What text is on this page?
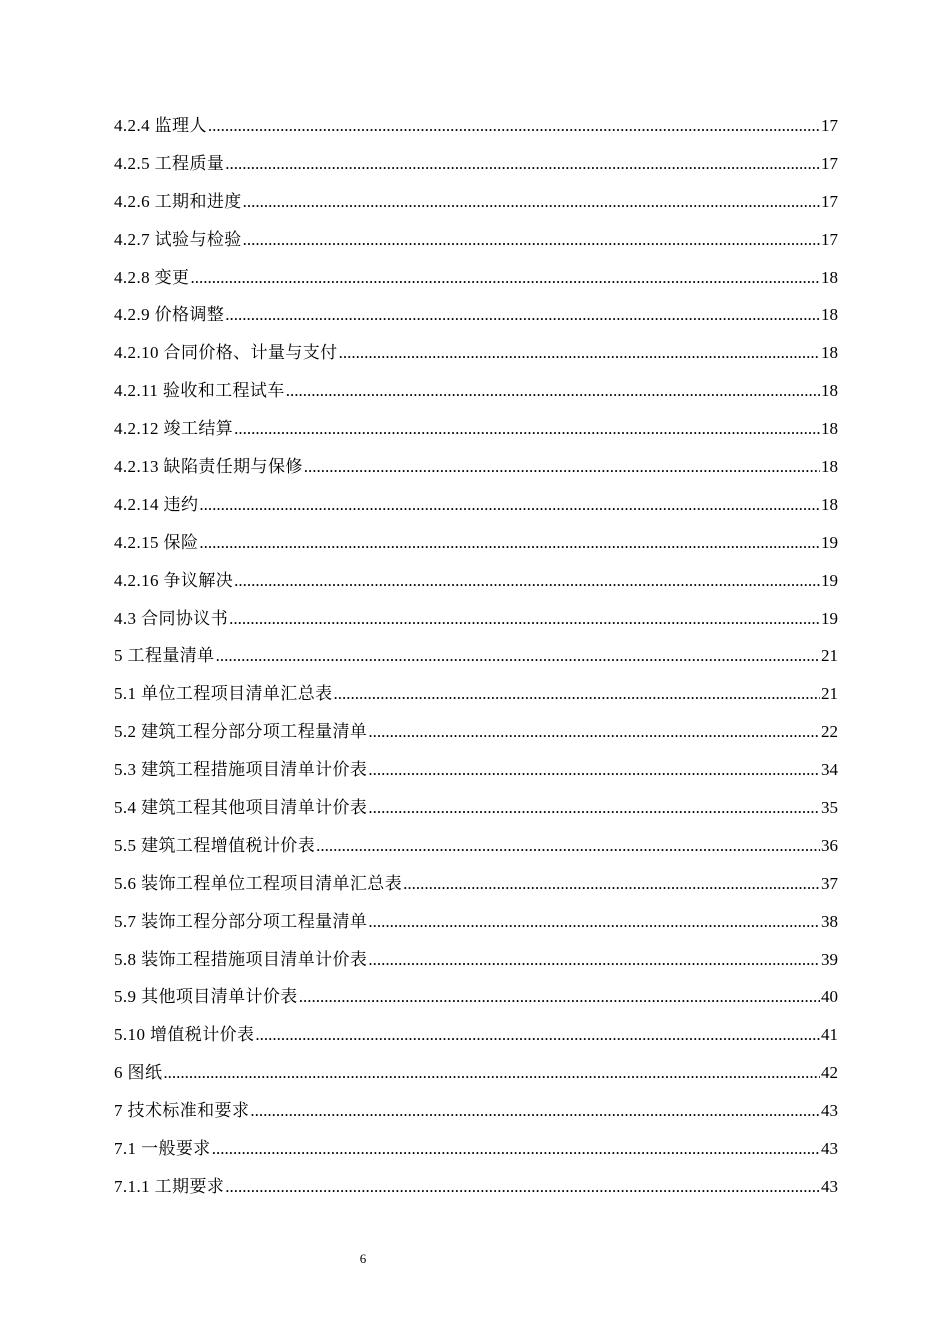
4.2.4 监理人 .....	17
4.2.5 工程质量 .....	17
4.2.6 工期和进度 .....	17
4.2.7 试验与检验 .....	17
4.2.8 变更 .....	18
4.2.9 价格调整 .....	18
4.2.10 合同价格、计量与支付 .....	18
4.2.11 验收和工程试车 .....	18
4.2.12 竣工结算 .....	18
4.2.13 缺陷责任期与保修 .....	18
4.2.14 违约 .....	18
4.2.15 保险 .....	19
4.2.16 争议解决 .....	19
4.3 合同协议书 .....	19
5 工程量清单 .....	21
5.1 单位工程项目清单汇总表 .....	21
5.2 建筑工程分部分项工程量清单 .....	22
5.3 建筑工程措施项目清单计价表 .....	34
5.4 建筑工程其他项目清单计价表 .....	35
5.5 建筑工程增值税计价表 .....	36
5.6 装饰工程单位工程项目清单汇总表 .....	37
5.7 装饰工程分部分项工程量清单 .....	38
5.8 装饰工程措施项目清单计价表 .....	39
5.9 其他项目清单计价表 .....	40
5.10 增值税计价表 .....	41
6 图纸 .....	42
7 技术标准和要求 .....	43
7.1 一般要求 .....	43
7.1.1 工期要求 .....	43
6
